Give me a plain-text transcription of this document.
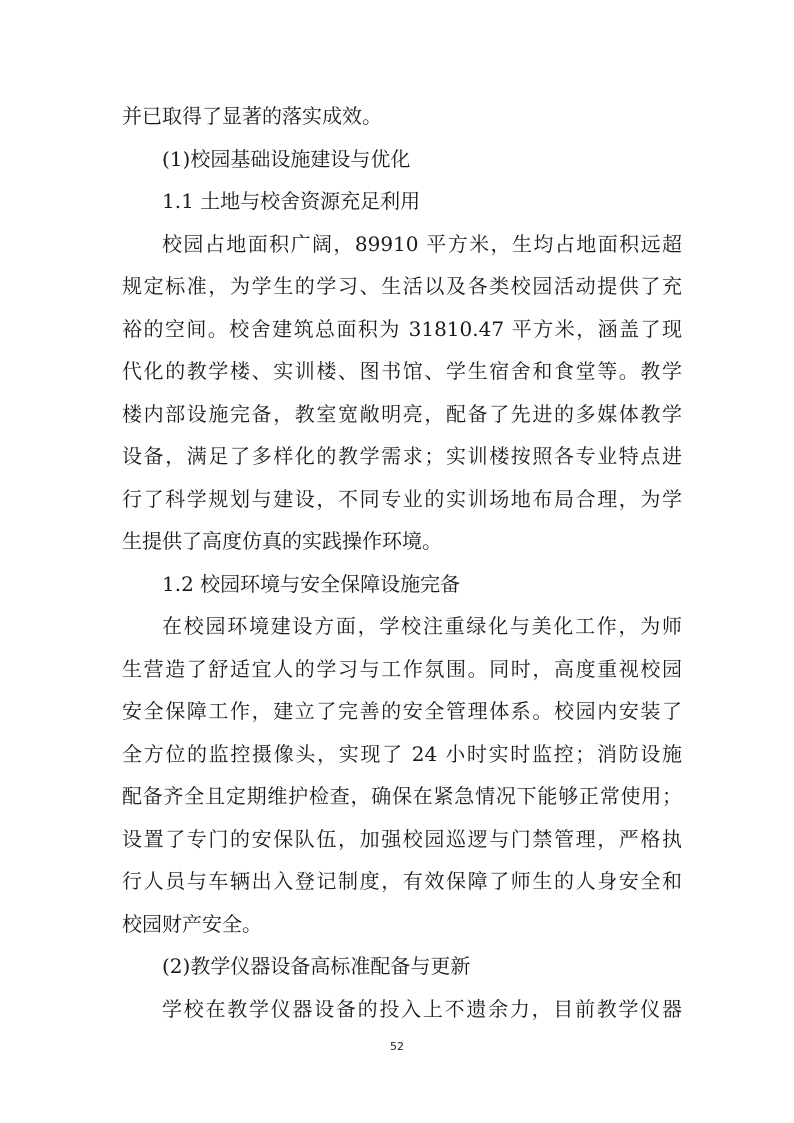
并已取得了显著的落实成效。
(1)校园基础设施建设与优化
1.1 土地与校舍资源充足利用
校园占地面积广阔，89910 平方米，生均占地面积远超
规定标准，为学生的学习、生活以及各类校园活动提供了充
裕的空间。校舍建筑总面积为 31810.47 平方米，涵盖了现
代化的教学楼、实训楼、图书馆、学生宿舍和食堂等。教学
楼内部设施完备，教室宽敞明亮，配备了先进的多媒体教学
设备，满足了多样化的教学需求；实训楼按照各专业特点进
行了科学规划与建设，不同专业的实训场地布局合理，为学
生提供了高度仿真的实践操作环境。
1.2 校园环境与安全保障设施完备
在校园环境建设方面，学校注重绿化与美化工作，为师
生营造了舒适宜人的学习与工作氛围。同时，高度重视校园
安全保障工作，建立了完善的安全管理体系。校园内安装了
全方位的监控摄像头，实现了 24 小时实时监控；消防设施
配备齐全且定期维护检查，确保在紧急情况下能够正常使用；
设置了专门的安保队伍，加强校园巡逻与门禁管理，严格执
行人员与车辆出入登记制度，有效保障了师生的人身安全和
校园财产安全。
(2)教学仪器设备高标准配备与更新
学校在教学仪器设备的投入上不遗余力，目前教学仪器
52
